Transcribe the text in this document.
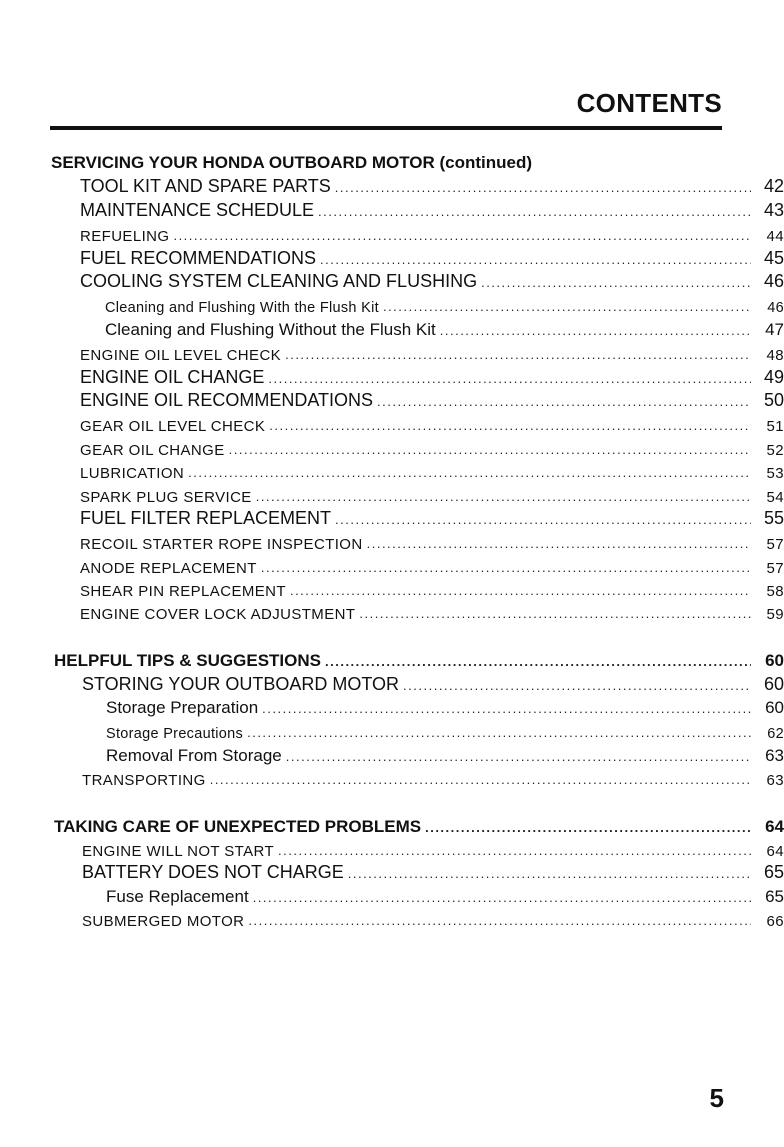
CONTENTS
SERVICING YOUR HONDA OUTBOARD MOTOR (continued)
TOOL KIT AND SPARE PARTS .....	42
MAINTENANCE SCHEDULE .....	43
REFUELING .....	44
FUEL RECOMMENDATIONS .....	45
COOLING SYSTEM CLEANING AND FLUSHING .....	46
Cleaning and Flushing With the Flush Kit .....	46
Cleaning and Flushing Without the Flush Kit .....	47
ENGINE OIL LEVEL CHECK .....	48
ENGINE OIL CHANGE .....	49
ENGINE OIL RECOMMENDATIONS .....	50
GEAR OIL LEVEL CHECK .....	51
GEAR OIL CHANGE .....	52
LUBRICATION .....	53
SPARK PLUG SERVICE .....	54
FUEL FILTER REPLACEMENT .....	55
RECOIL STARTER ROPE INSPECTION .....	57
ANODE REPLACEMENT .....	57
SHEAR PIN REPLACEMENT .....	58
ENGINE COVER LOCK ADJUSTMENT .....	59
HELPFUL TIPS & SUGGESTIONS .....	60
STORING YOUR OUTBOARD MOTOR .....	60
Storage Preparation .....	60
Storage Precautions .....	62
Removal From Storage .....	63
TRANSPORTING .....	63
TAKING CARE OF UNEXPECTED PROBLEMS .....	64
ENGINE WILL NOT START .....	64
BATTERY DOES NOT CHARGE .....	65
Fuse Replacement .....	65
SUBMERGED MOTOR .....	66
5
